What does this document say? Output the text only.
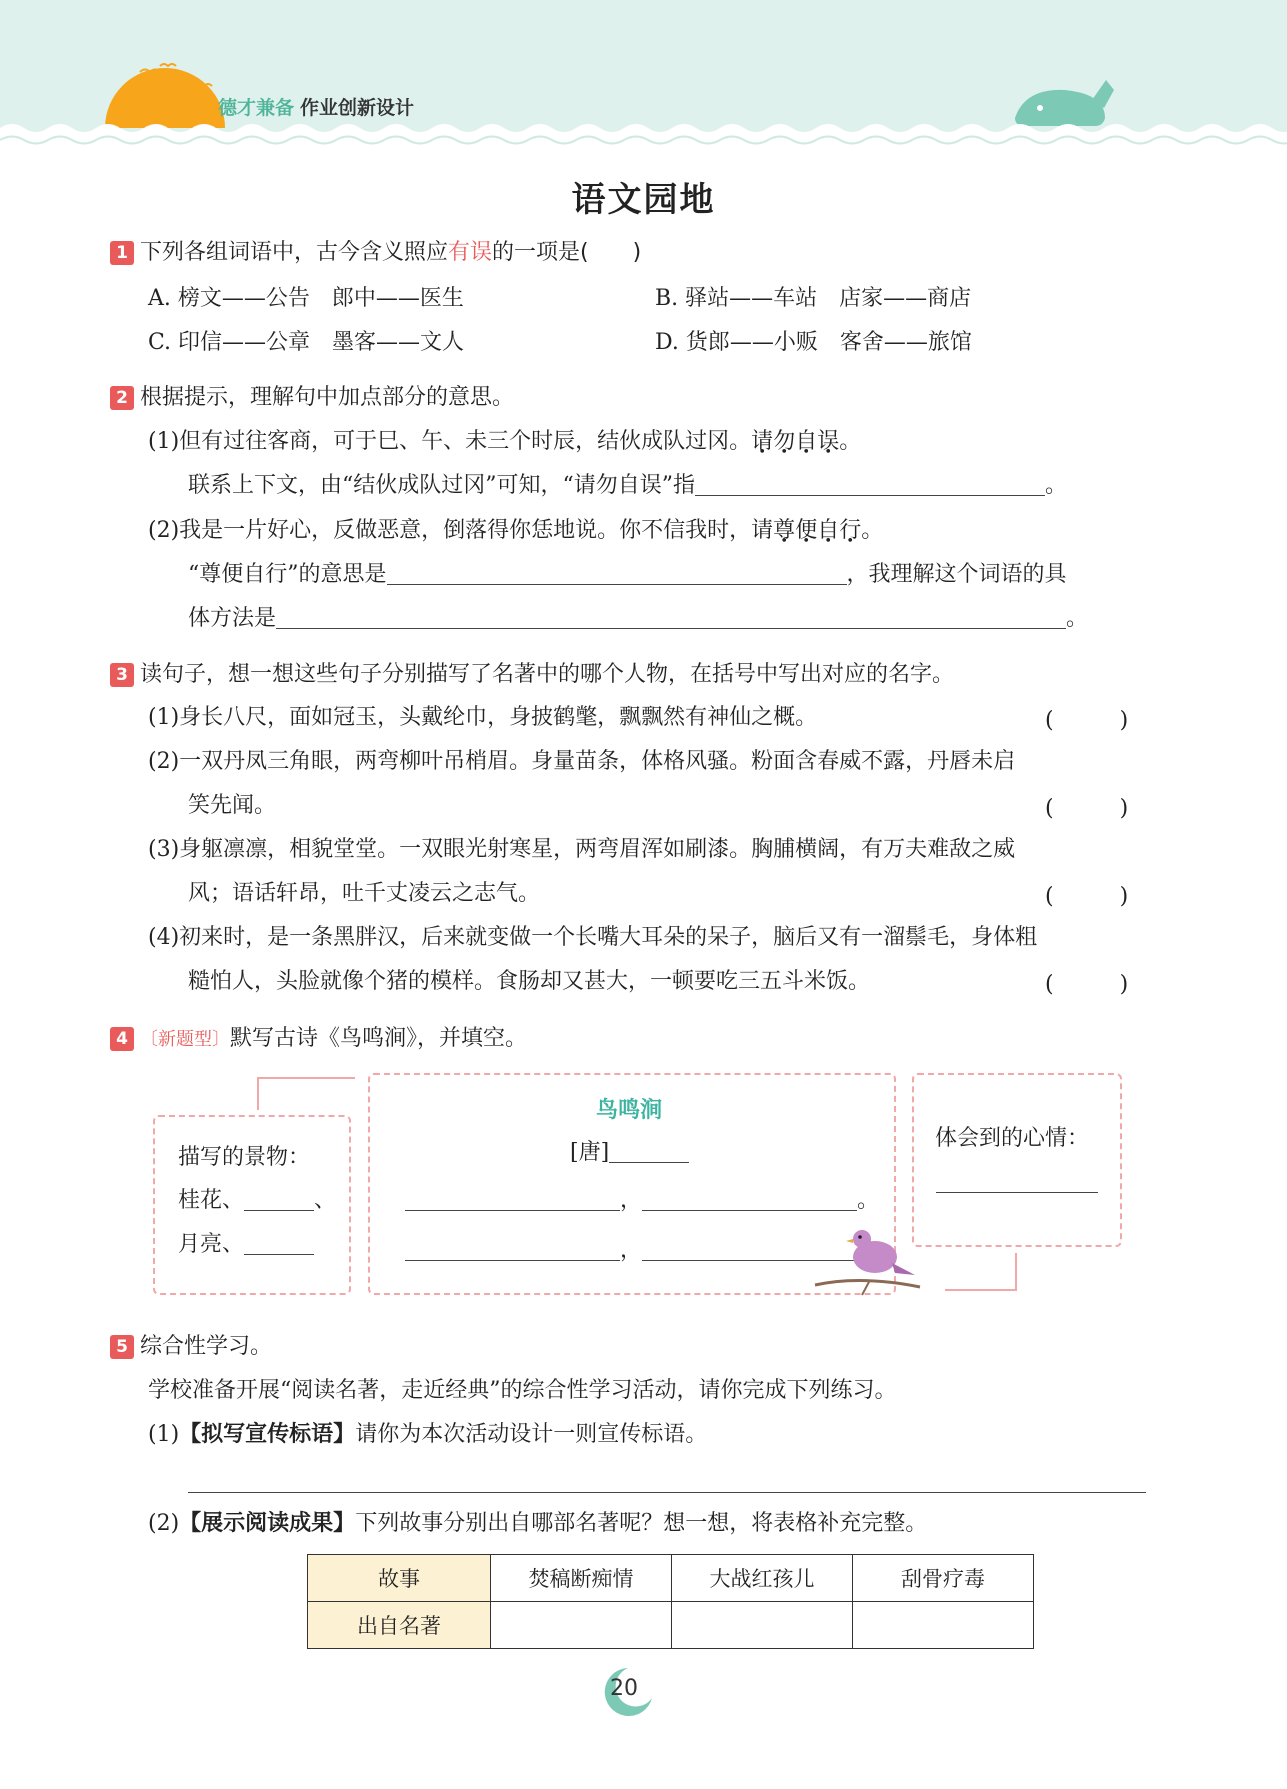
德才兼备 作业创新设计
语文园地
1 下列各组词语中，古今含义照应有误的一项是(　　)
A. 榜文——公告　郎中——医生	B. 驿站——车站　店家——商店
C. 印信——公章　墨客——文人	D. 货郎——小贩　客舍——旅馆
2 根据提示，理解句中加点部分的意思。
(1)但有过往客商，可于巳、午、未三个时辰，结伙成队过冈。请勿自误。
联系上下文，由“结伙成队过冈”可知，“请勿自误”指	。
(2)我是一片好心，反做恶意，倒落得你恁地说。你不信我时，请尊便自行。
“尊便自行”的意思是	，我理解这个词语的具
体方法是	。
3 读句子，想一想这些句子分别描写了名著中的哪个人物，在括号中写出对应的名字。
(1)身长八尺，面如冠玉，头戴纶巾，身披鹤氅，飘飘然有神仙之概。	(　　　)
(2)一双丹凤三角眼，两弯柳叶吊梢眉。身量苗条，体格风骚。粉面含春威不露，丹唇未启
笑先闻。	(　　　)
(3)身躯凛凛，相貌堂堂。一双眼光射寒星，两弯眉浑如刷漆。胸脯横阔，有万夫难敌之威
风；语话轩昂，吐千丈凌云之志气。	(　　　)
(4)初来时，是一条黑胖汉，后来就变做一个长嘴大耳朵的呆子，脑后又有一溜鬃毛，身体粗
糙怕人，头脸就像个猪的模样。食肠却又甚大，一顿要吃三五斗米饭。	(　　　)
4 〔新题型〕默写古诗《鸟鸣涧》，并填空。
描写的景物：
桂花、	、
月亮、
鸟鸣涧
[唐]
，	。
，
体会到的心情：
5 综合性学习。
学校准备开展“阅读名著，走近经典”的综合性学习活动，请你完成下列练习。
(1)【拟写宣传标语】请你为本次活动设计一则宣传标语。
(2)【展示阅读成果】下列故事分别出自哪部名著呢？想一想，将表格补充完整。
故事	焚稿断痴情	大战红孩儿	刮骨疗毒
出自名著			
20
